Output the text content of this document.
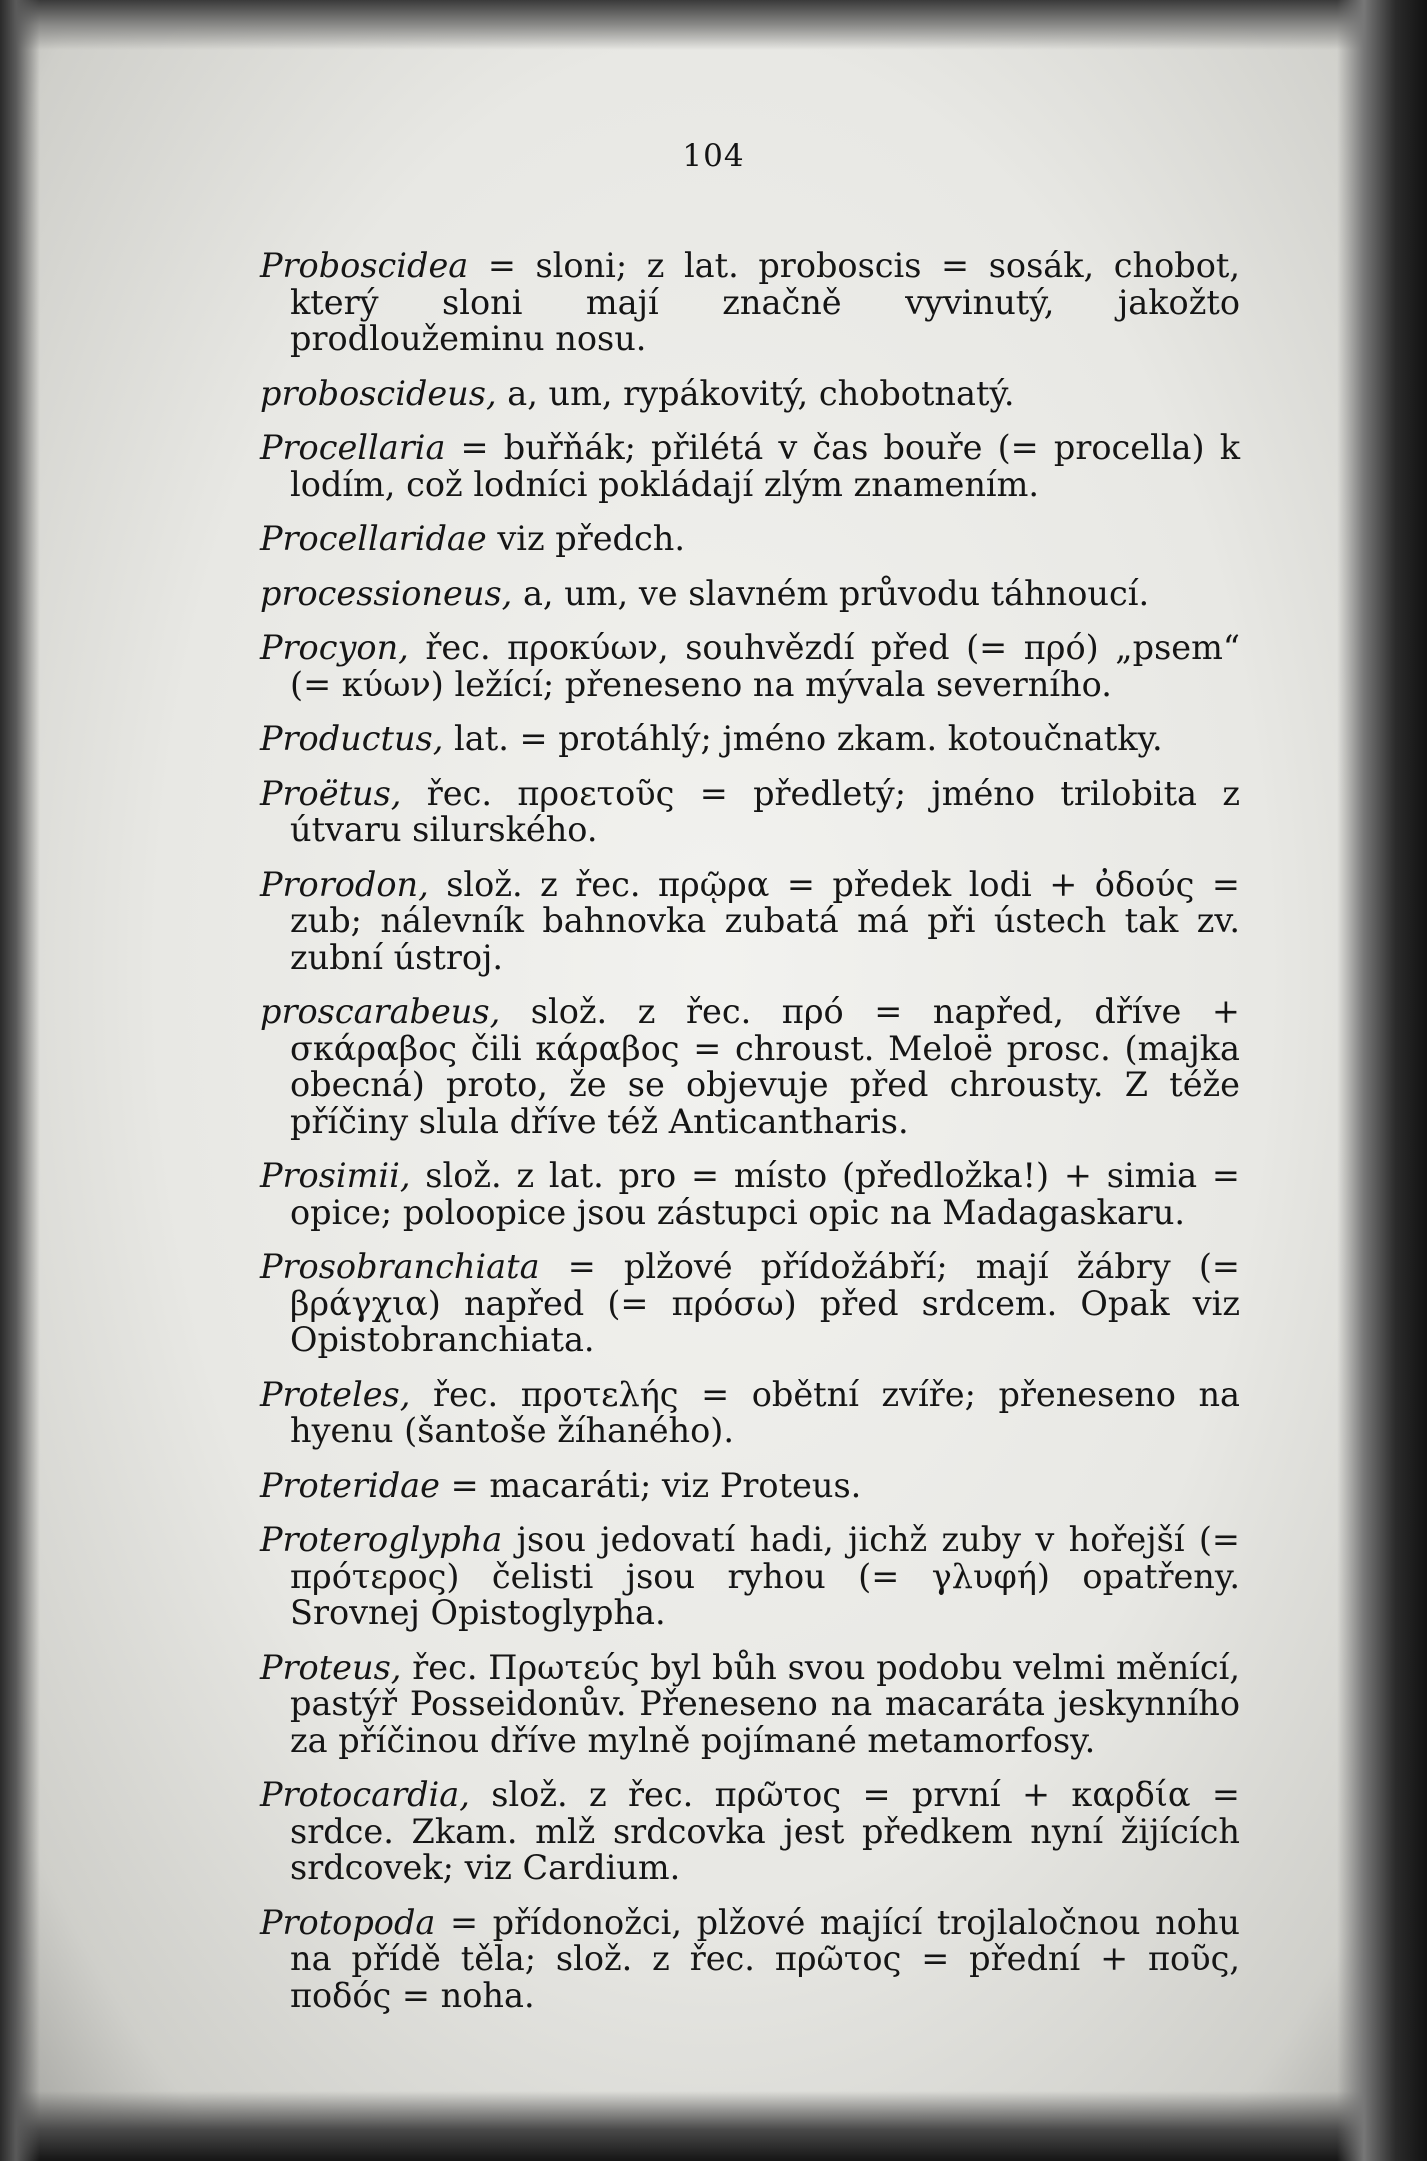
104

Proboscidea = sloni; z lat. proboscis = sosák, chobot, který sloni mají značně vyvinutý, jakožto prodloužeminu nosu.

proboscideus, a, um, rypákovitý, chobotnatý.

Procellaria = buřňák; přilétá v čas bouře (= procella) k lodím, což lodníci pokládají zlým znamením.

Procellaridae viz předch.

processioneus, a, um, ve slavném průvodu táhnoucí.

Procyon, řec. προκύων, souhvězdí před (= πρό) „psem“ (= κύων) ležící; přeneseno na mývala severního.

Productus, lat. = protáhlý; jméno zkam. kotoučnatky.

Proëtus, řec. προετοῦς = předletý; jméno trilobita z útvaru silurského.

Prorodon, slož. z řec. πρῷρα = předek lodi + ὀδούς = zub; nálevník bahnovka zubatá má při ústech tak zv. zubní ústroj.

proscarabeus, slož. z řec. πρό = napřed, dříve + σκάραβος čili κάραβος = chroust. Meloë prosc. (majka obecná) proto, že se objevuje před chrousty. Z téže příčiny slula dříve též Anticantharis.

Prosimii, slož. z lat. pro = místo (předložka!) + simia = opice; poloopice jsou zástupci opic na Madagaskaru.

Prosobranchiata = plžové přídožábří; mají žábry (= βράγχια) napřed (= πρόσω) před srdcem. Opak viz Opistobranchiata.

Proteles, řec. προτελής = obětní zvíře; přeneseno na hyenu (šantoše žíhaného).

Proteridae = macaráti; viz Proteus.

Proteroglypha jsou jedovatí hadi, jichž zuby v hořejší (= πρότερος) čelisti jsou ryhou (= γλυφή) opatřeny. Srovnej Opistoglypha.

Proteus, řec. Πρωτεύς byl bůh svou podobu velmi měnící, pastýř Posseidonův. Přeneseno na macaráta jeskynního za příčinou dříve mylně pojímané metamorfosy.

Protocardia, slož. z řec. πρῶτος = první + καρδία = srdce. Zkam. mlž srdcovka jest předkem nyní žijících srdcovek; viz Cardium.

Protopoda = přídonožci, plžové mající trojlaločnou nohu na přídě těla; slož. z řec. πρῶτος = přední + ποῦς, ποδός = noha.
